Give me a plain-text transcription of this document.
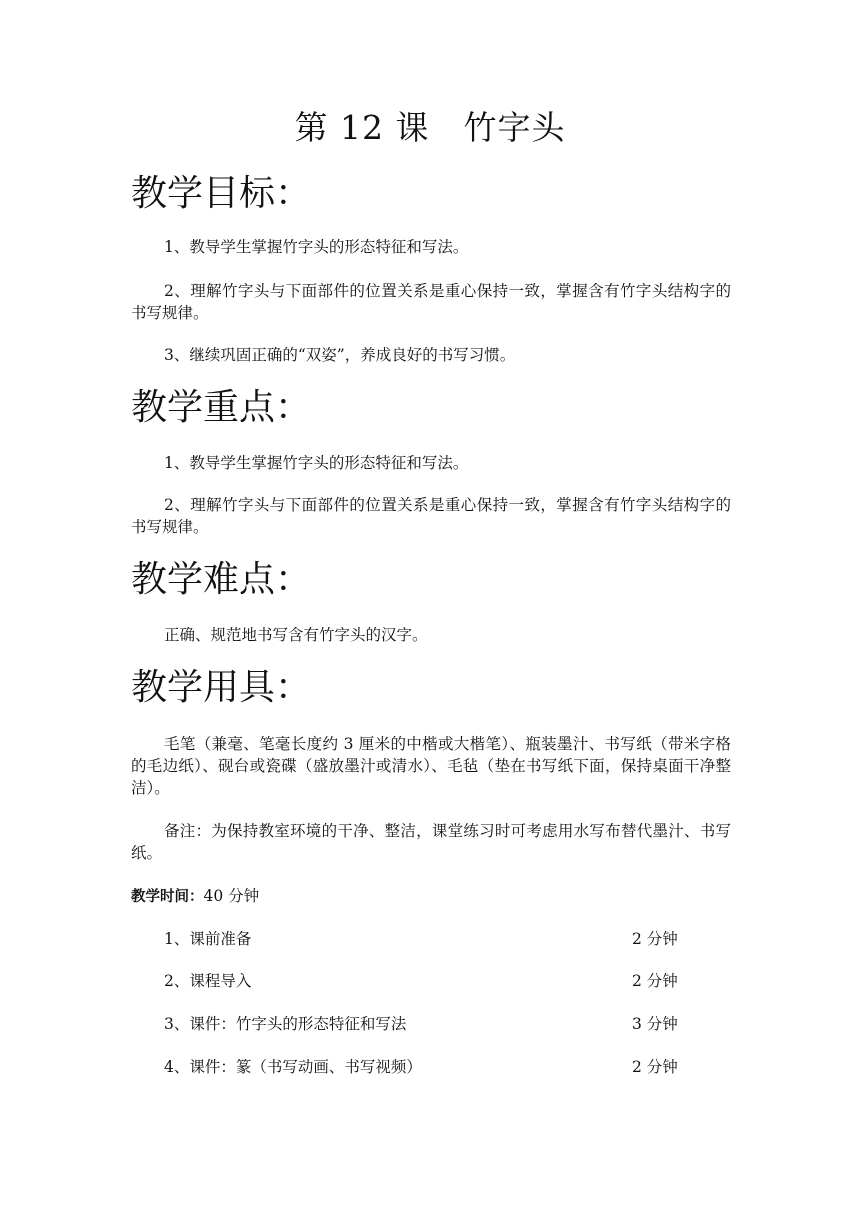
第 12 课　竹字头
教学目标：
1、教导学生掌握竹字头的形态特征和写法。
2、理解竹字头与下面部件的位置关系是重心保持一致，掌握含有竹字头结构字的书写规律。
3、继续巩固正确的“双姿”，养成良好的书写习惯。
教学重点：
1、教导学生掌握竹字头的形态特征和写法。
2、理解竹字头与下面部件的位置关系是重心保持一致，掌握含有竹字头结构字的书写规律。
教学难点：
正确、规范地书写含有竹字头的汉字。
教学用具：
毛笔（兼毫、笔毫长度约 3 厘米的中楷或大楷笔）、瓶装墨汁、书写纸（带米字格的毛边纸）、砚台或瓷碟（盛放墨汁或清水）、毛毡（垫在书写纸下面，保持桌面干净整洁）。
备注：为保持教室环境的干净、整洁，课堂练习时可考虑用水写布替代墨汁、书写纸。
教学时间：40 分钟
1、课前准备	2 分钟
2、课程导入	2 分钟
3、课件：竹字头的形态特征和写法	3 分钟
4、课件：篆（书写动画、书写视频）	2 分钟
